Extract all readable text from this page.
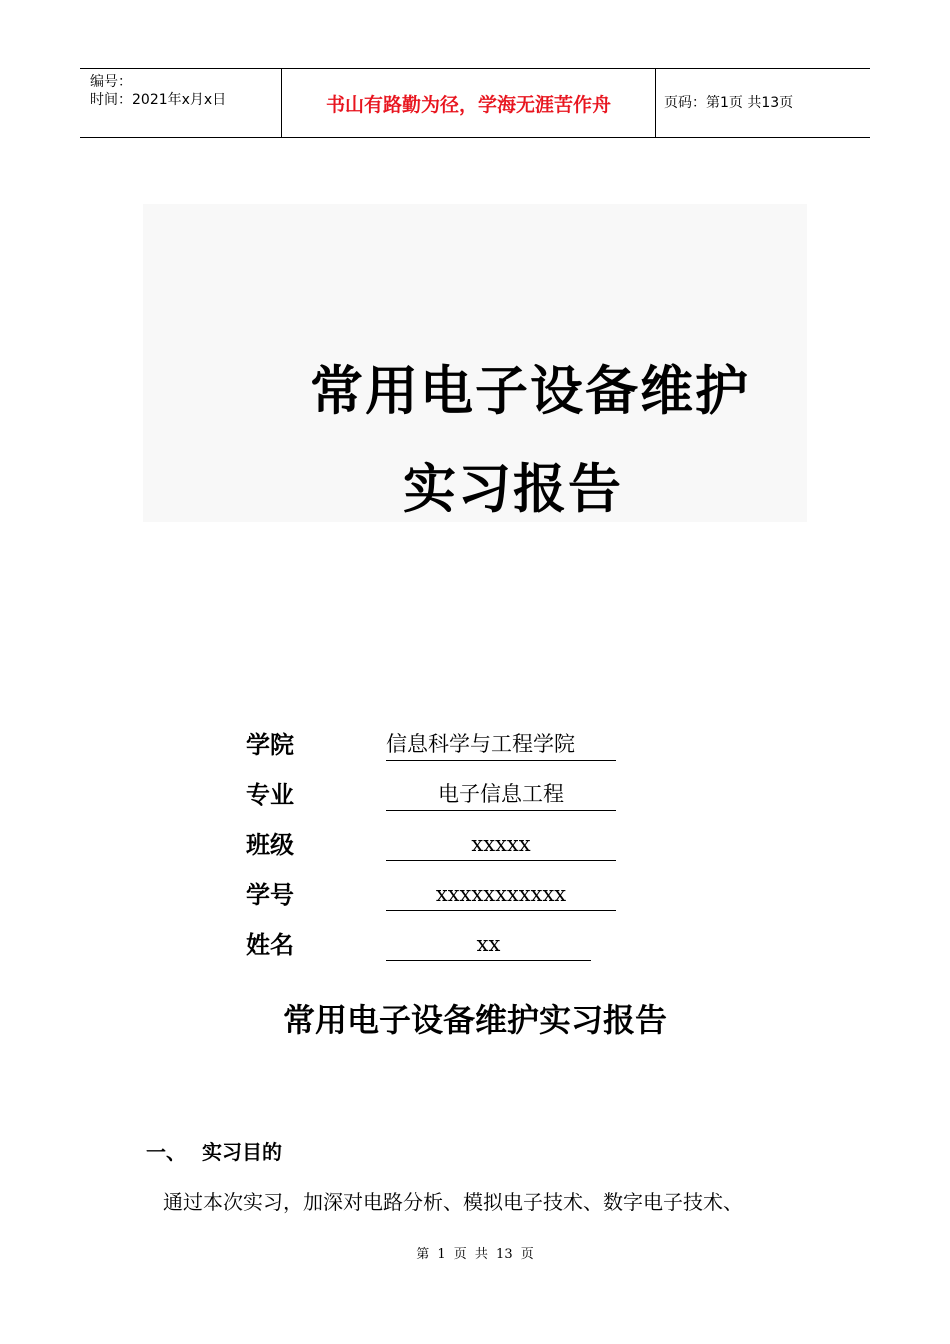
编号：
时间：2021年x月x日	书山有路勤为径，学海无涯苦作舟	页码：第1页 共13页
常用电子设备维护
实习报告
学院	信息科学与工程学院
专业	电子信息工程
班级	xxxxx
学号	xxxxxxxxxxx
姓名	xx
常用电子设备维护实习报告
一、 实习目的
通过本次实习，加深对电路分析、模拟电子技术、数字电子技术、
第 1 页 共 13 页
